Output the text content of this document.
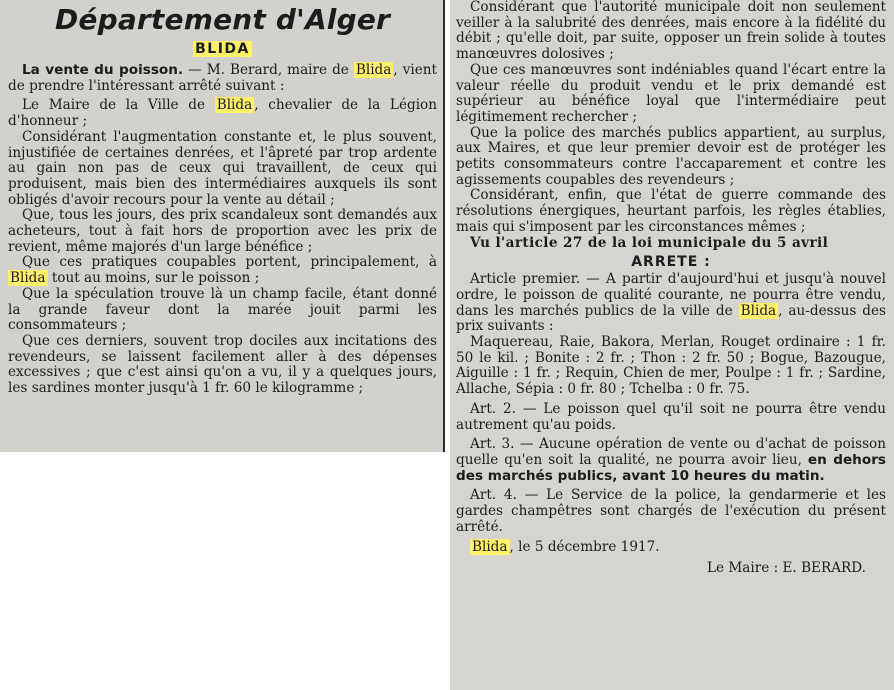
Département d'Alger
BLIDA

La vente du poisson. — M. Berard, maire de Blida , vient de prendre l'intéressant arrêté suivant :

Le Maire de la Ville de Blida , chevalier de la Légion d'honneur ;

Considérant l'augmentation constante et, le plus souvent, injustifiée de certaines denrées, et l'âpreté par trop ardente au gain non pas de ceux qui travaillent, de ceux qui produisent, mais bien des intermédiaires auxquels ils sont obligés d'avoir recours pour la vente au détail ;

Que, tous les jours, des prix scandaleux sont demandés aux acheteurs, tout à fait hors de proportion avec les prix de revient, même majorés d'un large bénéfice ;

Que ces pratiques coupables portent, principalement, à Blida tout au moins, sur le poisson ;

Que la spéculation trouve là un champ facile, étant donné la grande faveur dont la marée jouit parmi les consommateurs ;

Que ces derniers, souvent trop dociles aux incitations des revendeurs, se laissent facilement aller à des dépenses excessives ; que c'est ainsi qu'on a vu, il y a quelques jours, les sardines monter jusqu'à 1 fr. 60 le kilogramme ;

Considérant que l'autorité municipale doit non seulement veiller à la salubrité des denrées, mais encore à la fidélité du débit ; qu'elle doit, par suite, opposer un frein solide à toutes manœuvres dolosives ;

Que ces manœuvres sont indéniables quand l'écart entre la valeur réelle du produit vendu et le prix demandé est supérieur au bénéfice loyal que l'intermédiaire peut légitimement rechercher ;

Que la police des marchés publics appartient, au surplus, aux Maires, et que leur premier devoir est de protéger les petits consommateurs contre l'accaparement et contre les agissements coupables des revendeurs ;

Considérant, enfin, que l'état de guerre commande des résolutions énergiques, heurtant parfois, les règles établies, mais qui s'imposent par les circonstances mêmes ;

Vu l'article 27 de la loi municipale du 5 avril

ARRETE :

Article premier. — A partir d'aujourd'hui et jusqu'à nouvel ordre, le poisson de qualité courante, ne pourra être vendu, dans les marchés publics de la ville de Blida , au-dessus des prix suivants :

Maquereau, Raie, Bakora, Merlan, Rouget ordinaire : 1 fr. 50 le kil. ; Bonite : 2 fr. ; Thon : 2 fr. 50 ; Bogue, Bazougue, Aiguille : 1 fr. ; Requin, Chien de mer, Poulpe : 1 fr. ; Sardine, Allache, Sépia : 0 fr. 80 ; Tchelba : 0 fr. 75.

Art. 2. — Le poisson quel qu'il soit ne pourra être vendu autrement qu'au poids.

Art. 3. — Aucune opération de vente ou d'achat de poisson quelle qu'en soit la qualité, ne pourra avoir lieu, en dehors des marchés publics, avant 10 heures du matin.

Art. 4. — Le Service de la police, la gendarmerie et les gardes champêtres sont chargés de l'exécution du présent arrêté.

Blida , le 5 décembre 1917.

Le Maire : E. BERARD.
